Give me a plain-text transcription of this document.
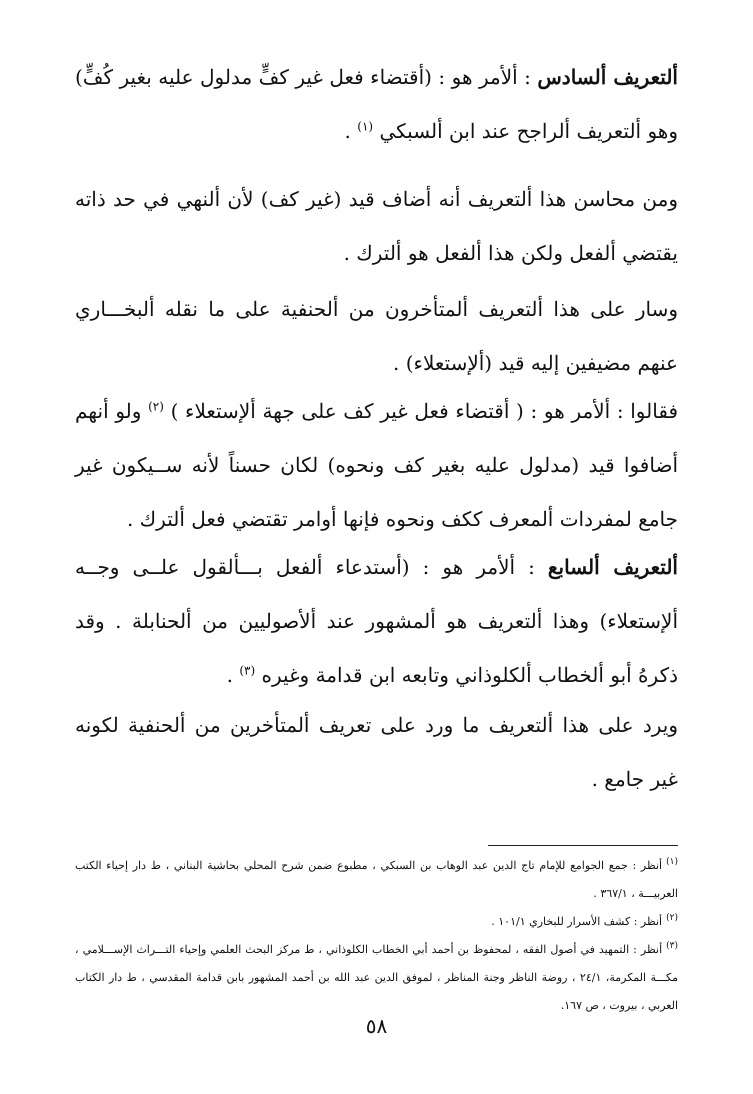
ألتعريف ألسادس : ألأمر هو : (أقتضاء فعل غير كفٍّ مدلول عليه بغير كُفٍّ) وهو ألتعريف ألراجح عند ابن ألسبكي $^{(١)}$ .

ومن محاسن هذا ألتعريف أنه أضاف قيد (غير كف) لأن ألنهي في حد ذاته يقتضي ألفعل ولكن هذا ألفعل هو ألترك .

وسار على هذا ألتعريف ألمتأخرون من ألحنفية على ما نقله ألبخـــاري عنهم مضيفين إليه قيد (ألإستعلاء) .

فقالوا : ألأمر هو : ( أقتضاء فعل غير كف على جهة ألإستعلاء ) $^{(٢)}$ ولو أنهم أضافوا قيد (مدلول عليه بغير كف ونحوه) لكان حسناً لأنه ســيكون غير جامع لمفردات ألمعرف ككف ونحوه فإنها أوامر تقتضي فعل ألترك .

ألتعريف ألسابع : ألأمر هو : (أستدعاء ألفعل بـــألقول علــى وجــه ألإستعلاء) وهذا ألتعريف هو ألمشهور عند ألأصوليين من ألحنابلة . وقد ذكرهُ أبو ألخطاب ألكلوذاني وتابعه ابن قدامة وغيره $^{(٣)}$ .

ويرد على هذا ألتعريف ما ورد على تعريف ألمتأخرين من ألحنفية لكونه غير جامع .

$^{(١)}$أنظر : جمع الجوامع للإمام تاج الدين عبد الوهاب بن السبكي ، مطبوع ضمن شرح المحلي بحاشية البناني ، ط دار إحياء الكتب العربيـــة ، ٣٦٧/١ .

$^{(٢)}$أنظر : كشف الأسرار للبخاري ١٠١/١ .

$^{(٣)}$أنظر : التمهيد في أصول الفقه ، لمحفوظ بن أحمد أبي الخطاب الكلوذاني ، ط مركز البحث العلمي وإحياء التـــراث الإســـلامي ، مكـــة المكرمة، ٢٤/١ ، روضة الناظر وجنة المناظر ، لموفق الدين عبد الله بن أحمد المشهور بابن قدامة المقدسي ، ط دار الكتاب العربي ، بيروت ، ص ١٦٧.

٥٨
